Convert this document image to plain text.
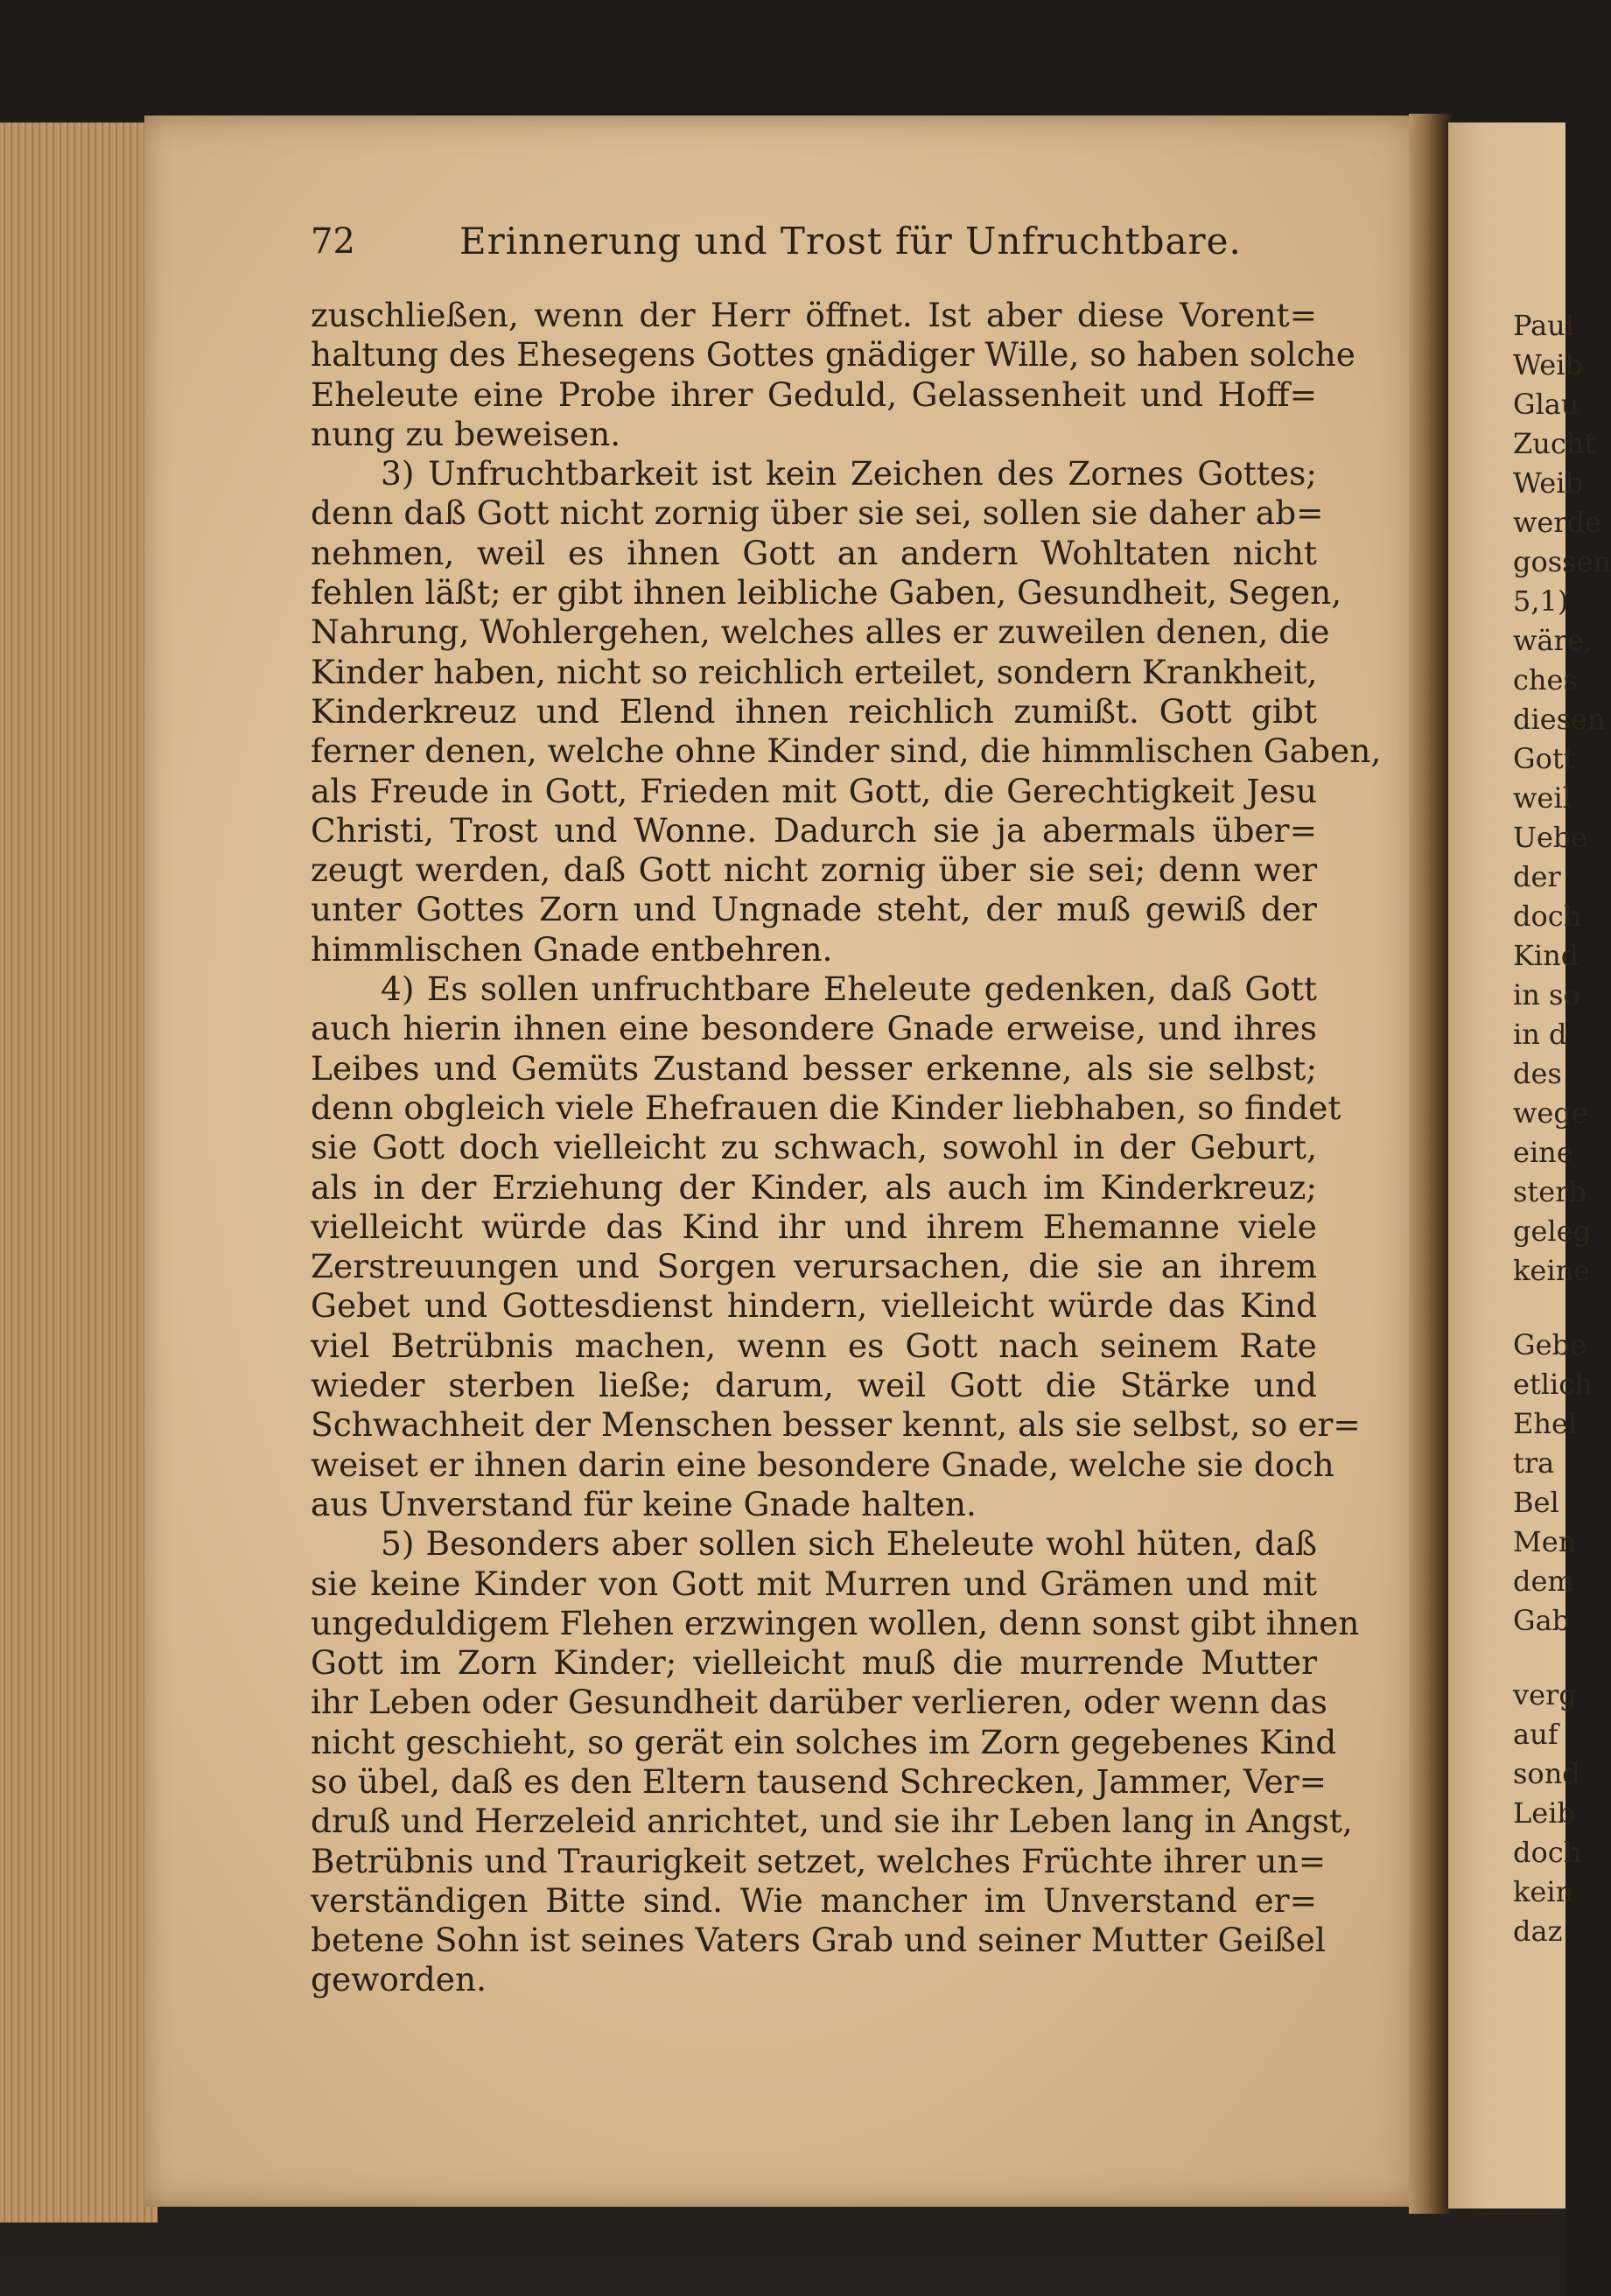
Paul
Weib
Glau
Zucht
Weib
werde
gossen
5,1)
wäre,
ches
diesen
Gott
weil
Uebe
der
doch
Kind
in so
in d
des
wege
eine
sterb
geleg
keine
Gebe
etlich
Ehel
tra
Bel
Men
dem
Gab
verg
auf
sond
Leib
doch
kein
daz
72	Erinnerung und Trost für Unfruchtbare.
zuschließen, wenn der Herr öffnet. Ist aber diese Vorent=
haltung des Ehesegens Gottes gnädiger Wille, so haben solche
Eheleute eine Probe ihrer Geduld, Gelassenheit und Hoff=
nung zu beweisen.
3) Unfruchtbarkeit ist kein Zeichen des Zornes Gottes;
denn daß Gott nicht zornig über sie sei, sollen sie daher ab=
nehmen, weil es ihnen Gott an andern Wohltaten nicht
fehlen läßt; er gibt ihnen leibliche Gaben, Gesundheit, Segen,
Nahrung, Wohlergehen, welches alles er zuweilen denen, die
Kinder haben, nicht so reichlich erteilet, sondern Krankheit,
Kinderkreuz und Elend ihnen reichlich zumißt. Gott gibt
ferner denen, welche ohne Kinder sind, die himmlischen Gaben,
als Freude in Gott, Frieden mit Gott, die Gerechtigkeit Jesu
Christi, Trost und Wonne. Dadurch sie ja abermals über=
zeugt werden, daß Gott nicht zornig über sie sei; denn wer
unter Gottes Zorn und Ungnade steht, der muß gewiß der
himmlischen Gnade entbehren.
4) Es sollen unfruchtbare Eheleute gedenken, daß Gott
auch hierin ihnen eine besondere Gnade erweise, und ihres
Leibes und Gemüts Zustand besser erkenne, als sie selbst;
denn obgleich viele Ehefrauen die Kinder liebhaben, so findet
sie Gott doch vielleicht zu schwach, sowohl in der Geburt,
als in der Erziehung der Kinder, als auch im Kinderkreuz;
vielleicht würde das Kind ihr und ihrem Ehemanne viele
Zerstreuungen und Sorgen verursachen, die sie an ihrem
Gebet und Gottesdienst hindern, vielleicht würde das Kind
viel Betrübnis machen, wenn es Gott nach seinem Rate
wieder sterben ließe; darum, weil Gott die Stärke und
Schwachheit der Menschen besser kennt, als sie selbst, so er=
weiset er ihnen darin eine besondere Gnade, welche sie doch
aus Unverstand für keine Gnade halten.
5) Besonders aber sollen sich Eheleute wohl hüten, daß
sie keine Kinder von Gott mit Murren und Grämen und mit
ungeduldigem Flehen erzwingen wollen, denn sonst gibt ihnen
Gott im Zorn Kinder; vielleicht muß die murrende Mutter
ihr Leben oder Gesundheit darüber verlieren, oder wenn das
nicht geschieht, so gerät ein solches im Zorn gegebenes Kind
so übel, daß es den Eltern tausend Schrecken, Jammer, Ver=
druß und Herzeleid anrichtet, und sie ihr Leben lang in Angst,
Betrübnis und Traurigkeit setzet, welches Früchte ihrer un=
verständigen Bitte sind. Wie mancher im Unverstand er=
betene Sohn ist seines Vaters Grab und seiner Mutter Geißel
geworden.
